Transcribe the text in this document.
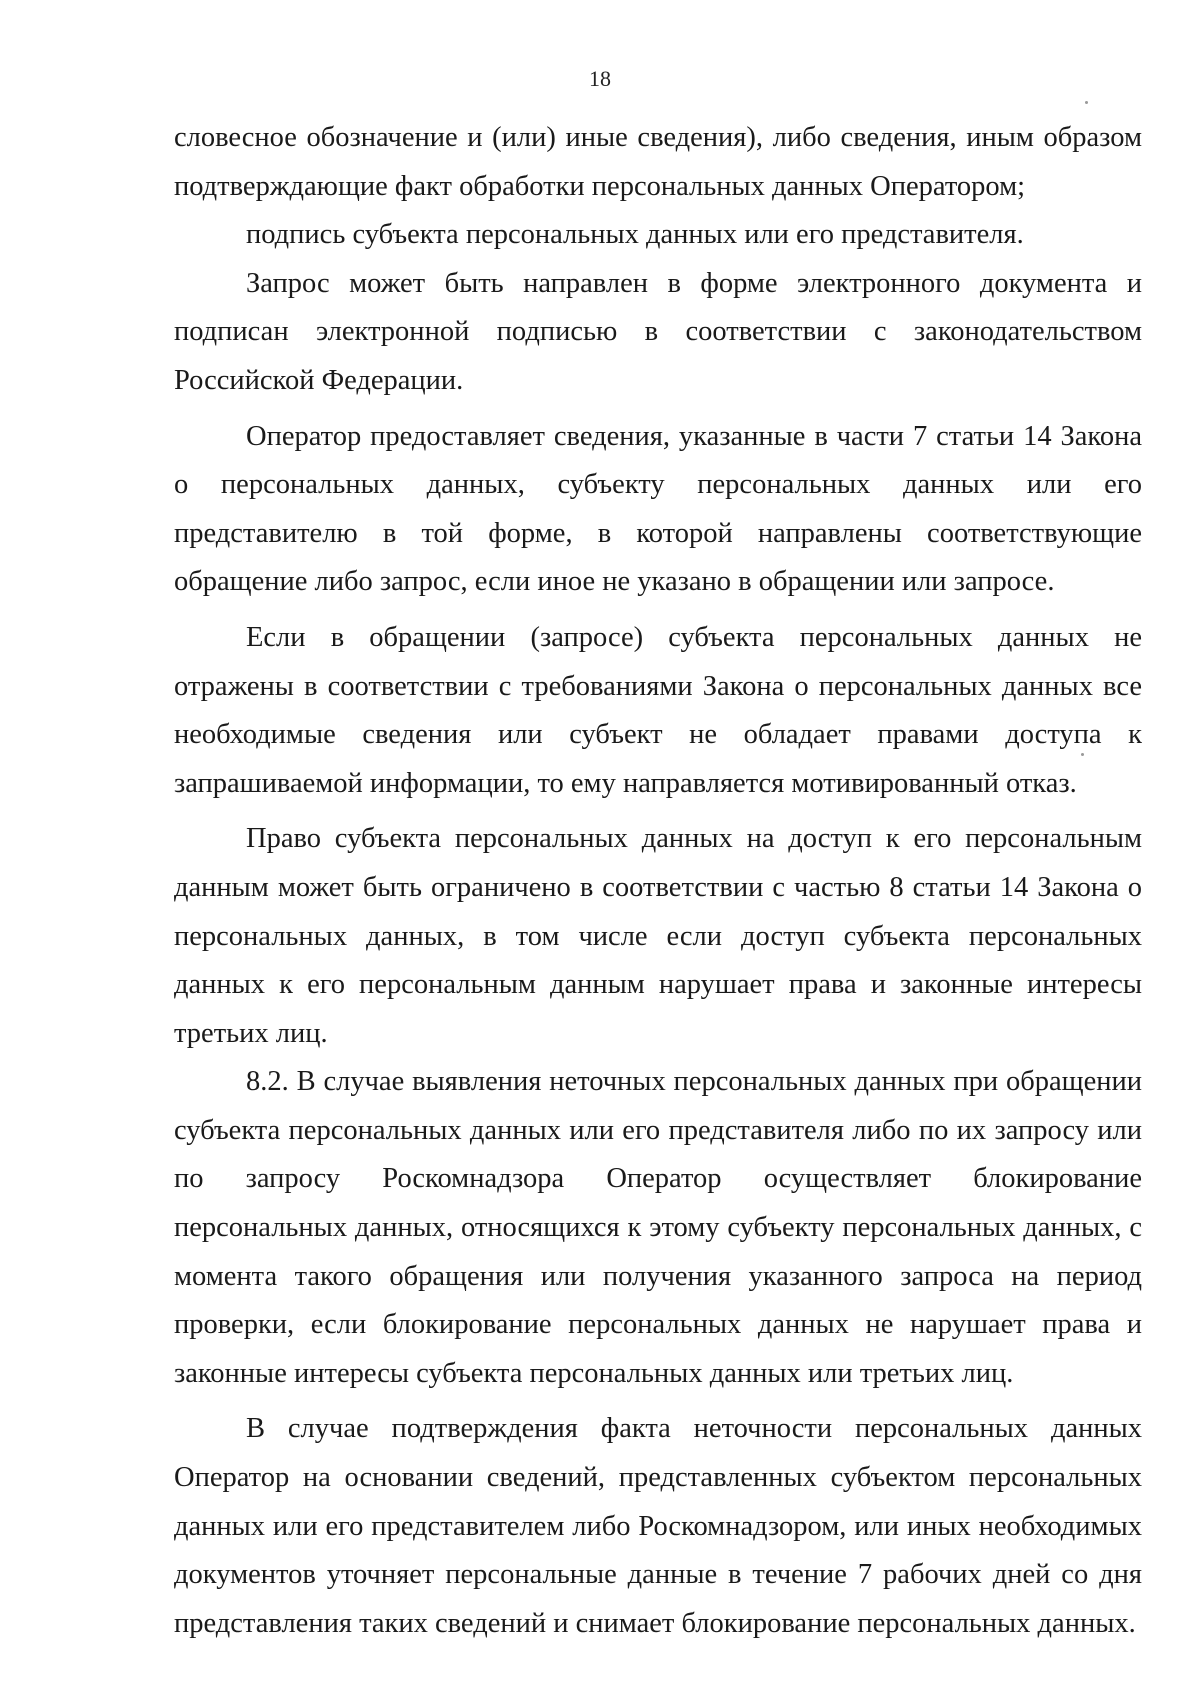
18

словесное обозначение и (или) иные сведения), либо сведения, иным образом подтверждающие факт обработки персональных данных Оператором;

подпись субъекта персональных данных или его представителя.

Запрос может быть направлен в форме электронного документа и подписан электронной подписью в соответствии с законодательством Российской Федерации.

Оператор предоставляет сведения, указанные в части 7 статьи 14 Закона о персональных данных, субъекту персональных данных или его представителю в той форме, в которой направлены соответствующие обращение либо запрос, если иное не указано в обращении или запросе.

Если в обращении (запросе) субъекта персональных данных не отражены в соответствии с требованиями Закона о персональных данных все необходимые сведения или субъект не обладает правами доступа к запрашиваемой информации, то ему направляется мотивированный отказ.

Право субъекта персональных данных на доступ к его персональным данным может быть ограничено в соответствии с частью 8 статьи 14 Закона о персональных данных, в том числе если доступ субъекта персональных данных к его персональным данным нарушает права и законные интересы третьих лиц.

8.2. В случае выявления неточных персональных данных при обращении субъекта персональных данных или его представителя либо по их запросу или по запросу Роскомнадзора Оператор осуществляет блокирование персональных данных, относящихся к этому субъекту персональных данных, с момента такого обращения или получения указанного запроса на период проверки, если блокирование персональных данных не нарушает права и законные интересы субъекта персональных данных или третьих лиц.

В случае подтверждения факта неточности персональных данных Оператор на основании сведений, представленных субъектом персональных данных или его представителем либо Роскомнадзором, или иных необходимых документов уточняет персональные данные в течение 7 рабочих дней со дня представления таких сведений и снимает блокирование персональных данных.
